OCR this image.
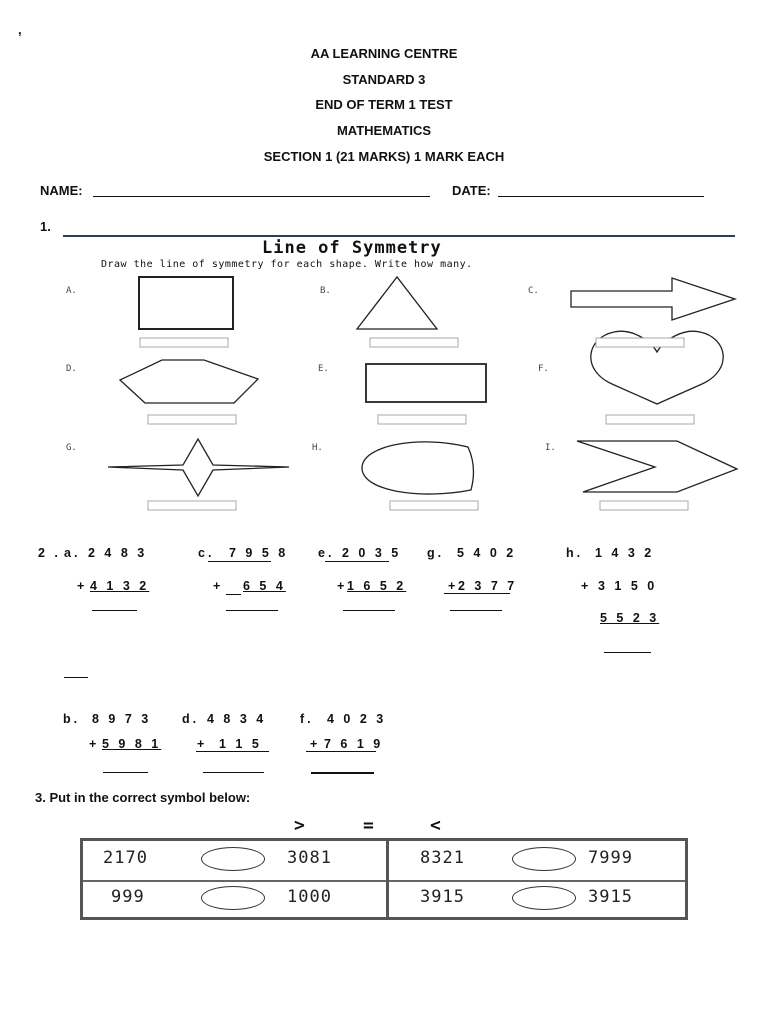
,
AA LEARNING CENTRE
STANDARD 3
END OF TERM 1 TEST
MATHEMATICS
SECTION 1 (21 MARKS) 1 MARK EACH
NAME:	DATE:
1.
Line of Symmetry
Draw the line of symmetry for each shape. Write how many.
A.	B.	C.
D.	E.	F.
G.	H.	I.
2 . a. 2 4 8 3
+ 4 1 3 2
c. 7 9 5 8
+ 6 5 4
e. 2 0 3 5
+ 1 6 5 2
g. 5 4 0 2
+ 2 3 7 7
h. 1 4 3 2
+ 3 1 5 0
5 5 2 3
b. 8 9 7 3
+ 5 9 8 1
d. 4 8 3 4
+ 1 1 5
f. 4 0 2 3
+ 7 6 1 9
3. Put in the correct symbol below:
>	=	<
2170	3081	8321	7999
999	1000	3915	3915
